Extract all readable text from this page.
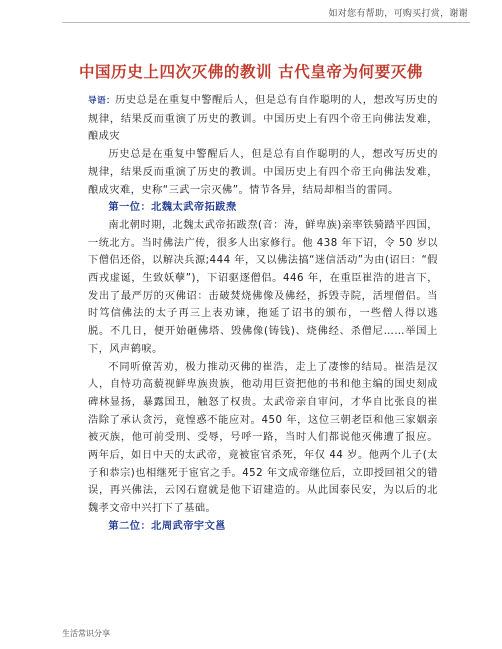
如对您有帮助，可购买打赏，谢谢
中国历史上四次灭佛的教训 古代皇帝为何要灭佛

导语：历史总是在重复中警醒后人，但是总有自作聪明的人，想改写历史的规律，结果反而重演了历史的教训。中国历史上有四个帝王向佛法发难，酿成灾

历史总是在重复中警醒后人，但是总有自作聪明的人，想改写历史的规律，结果反而重演了历史的教训。中国历史上有四个帝王向佛法发难，酿成灾难，史称“三武一宗灭佛”。情节各异，结局却相当的雷同。

第一位：北魏太武帝拓跋焘

南北朝时期，北魏太武帝拓跋焘(音：涛，鲜卑族)亲率铁骑踏平四国，一统北方。当时佛法广传，很多人出家修行。他 438 年下诏，令 50 岁以下僧侣还俗，以解决兵源;444 年，又以佛法搞“迷信活动”为由(诏曰：“假西戎虚诞，生致妖孽”)，下诏驱逐僧侣。446 年，在重臣崔浩的进言下，发出了最严厉的灭佛诏：击破焚烧佛像及佛经，拆毁寺院，活埋僧侣。当时笃信佛法的太子再三上表劝谏，拖延了诏书的颁布，一些僧人得以逃脱。不几日，便开始砸佛塔、毁佛像(铸钱)、烧佛经、杀僧尼……举国上下，风声鹤唳。

不同听僚苦劝，极力推动灭佛的崔浩，走上了凄惨的结局。崔浩是汉人，自恃功高藐视鲜卑族贵族，他动用巨资把他的书和他主编的国史刻成碑林显扬，暴露国丑，触怒了权贵。太武帝亲自审问，才华自比张良的崔浩除了承认贪污，竟惶惑不能应对。450 年，这位三朝老臣和他三家姻亲被灭族，他可前受刑、受辱，号呼一路，当时人们都说他灭佛遭了报应。两年后，如日中天的太武帝，竟被宦官杀死，年仅 44 岁。他两个儿子(太子和恭宗)也相继死于宦官之手。452 年文成帝继位后，立即授回祖父的错误，再兴佛法，云冈石窟就是他下诏建造的。从此国泰民安，为以后的北魏孝文帝中兴打下了基础。

第二位：北周武帝宇文邕

生活常识分享
